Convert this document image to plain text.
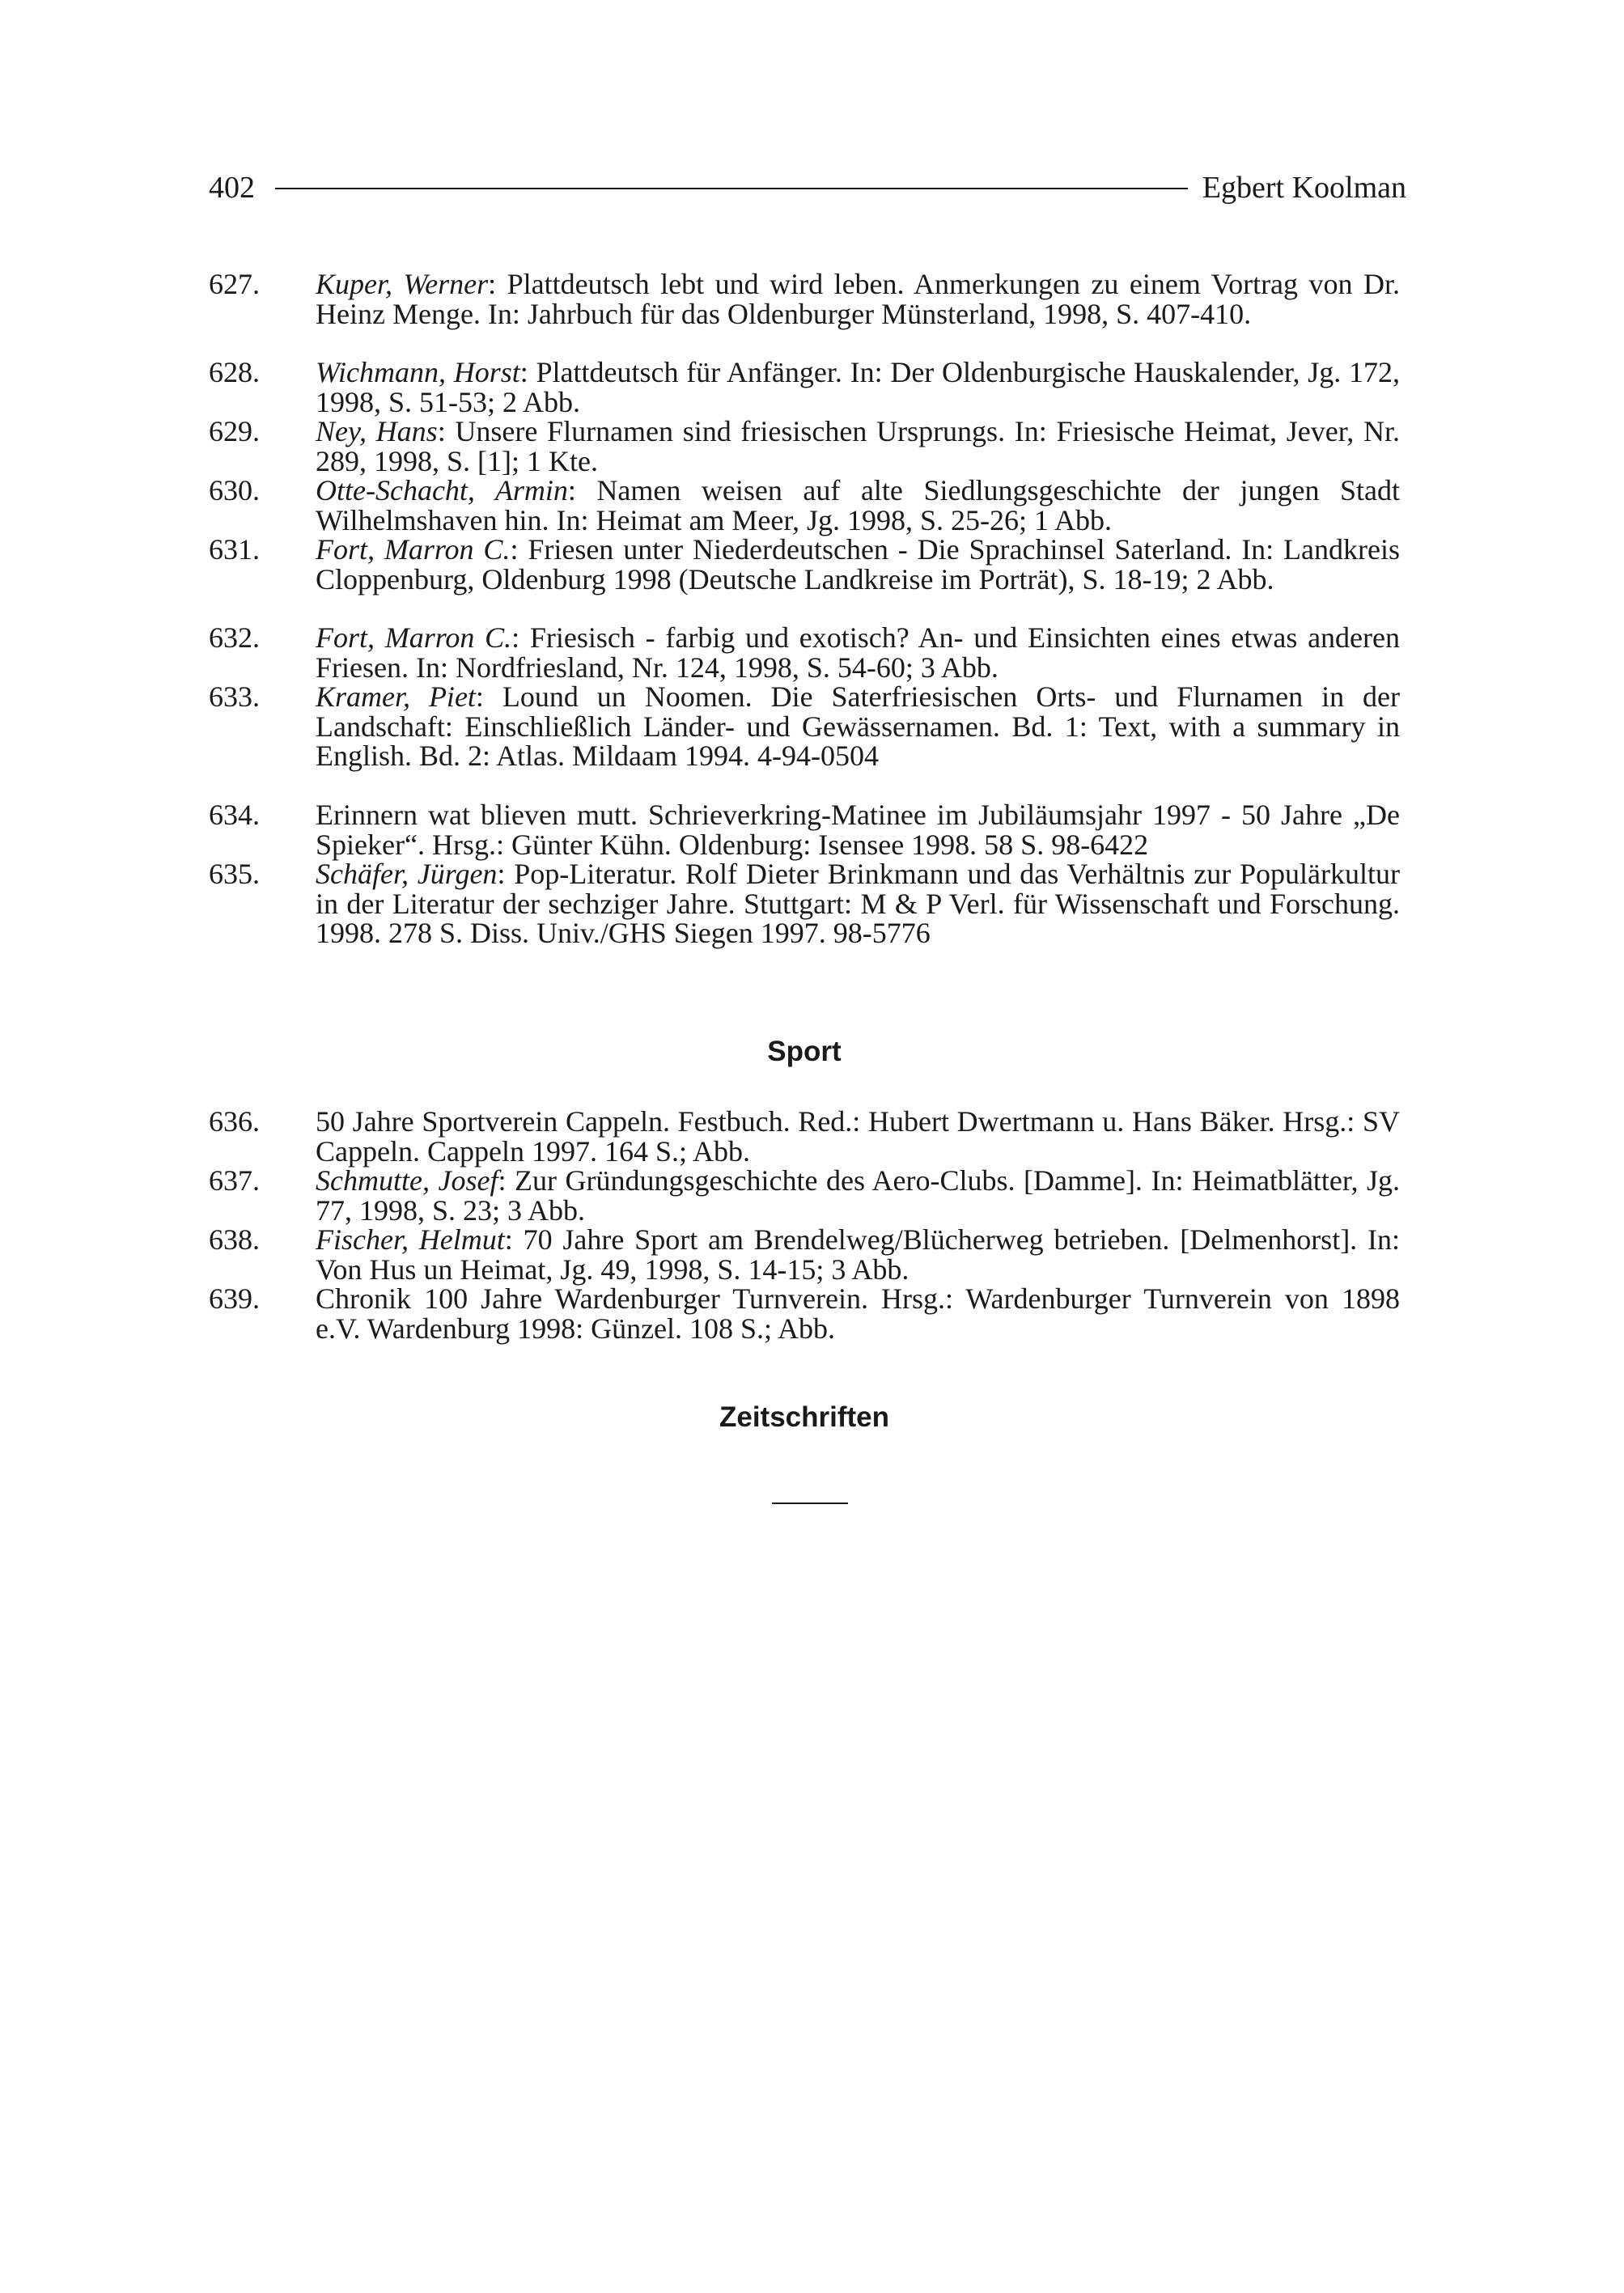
402	Egbert Koolman
627. Kuper, Werner: Plattdeutsch lebt und wird leben. Anmerkungen zu einem Vortrag von Dr. Heinz Menge. In: Jahrbuch für das Oldenburger Münsterland, 1998, S. 407-410.
628. Wichmann, Horst: Plattdeutsch für Anfänger. In: Der Oldenburgische Hauskalender, Jg. 172, 1998, S. 51-53; 2 Abb.
629. Ney, Hans: Unsere Flurnamen sind friesischen Ursprungs. In: Friesische Heimat, Jever, Nr. 289, 1998, S. [1]; 1 Kte.
630. Otte-Schacht, Armin: Namen weisen auf alte Siedlungsgeschichte der jungen Stadt Wilhelmshaven hin. In: Heimat am Meer, Jg. 1998, S. 25-26; 1 Abb.
631. Fort, Marron C.: Friesen unter Niederdeutschen - Die Sprachinsel Saterland. In: Landkreis Cloppenburg, Oldenburg 1998 (Deutsche Landkreise im Porträt), S. 18-19; 2 Abb.
632. Fort, Marron C.: Friesisch - farbig und exotisch? An- und Einsichten eines etwas anderen Friesen. In: Nordfriesland, Nr. 124, 1998, S. 54-60; 3 Abb.
633. Kramer, Piet: Lound un Noomen. Die Saterfriesischen Orts- und Flurnamen in der Landschaft: Einschließlich Länder- und Gewässernamen. Bd. 1: Text, with a summary in English. Bd. 2: Atlas. Mildaam 1994. 4-94-0504
634. Erinnern wat blieven mutt. Schrieverkring-Matinee im Jubiläumsjahr 1997 - 50 Jahre „De Spieker“. Hrsg.: Günter Kühn. Oldenburg: Isensee 1998. 58 S. 98-6422
635. Schäfer, Jürgen: Pop-Literatur. Rolf Dieter Brinkmann und das Verhältnis zur Populärkultur in der Literatur der sechziger Jahre. Stuttgart: M & P Verl. für Wissenschaft und Forschung. 1998. 278 S. Diss. Univ./GHS Siegen 1997. 98-5776
Sport
636. 50 Jahre Sportverein Cappeln. Festbuch. Red.: Hubert Dwertmann u. Hans Bäker. Hrsg.: SV Cappeln. Cappeln 1997. 164 S.; Abb.
637. Schmutte, Josef: Zur Gründungsgeschichte des Aero-Clubs. [Damme]. In: Heimatblätter, Jg. 77, 1998, S. 23; 3 Abb.
638. Fischer, Helmut: 70 Jahre Sport am Brendelweg/Blücherweg betrieben. [Delmenhorst]. In: Von Hus un Heimat, Jg. 49, 1998, S. 14-15; 3 Abb.
639. Chronik 100 Jahre Wardenburger Turnverein. Hrsg.: Wardenburger Turnverein von 1898 e.V. Wardenburg 1998: Günzel. 108 S.; Abb.
Zeitschriften
